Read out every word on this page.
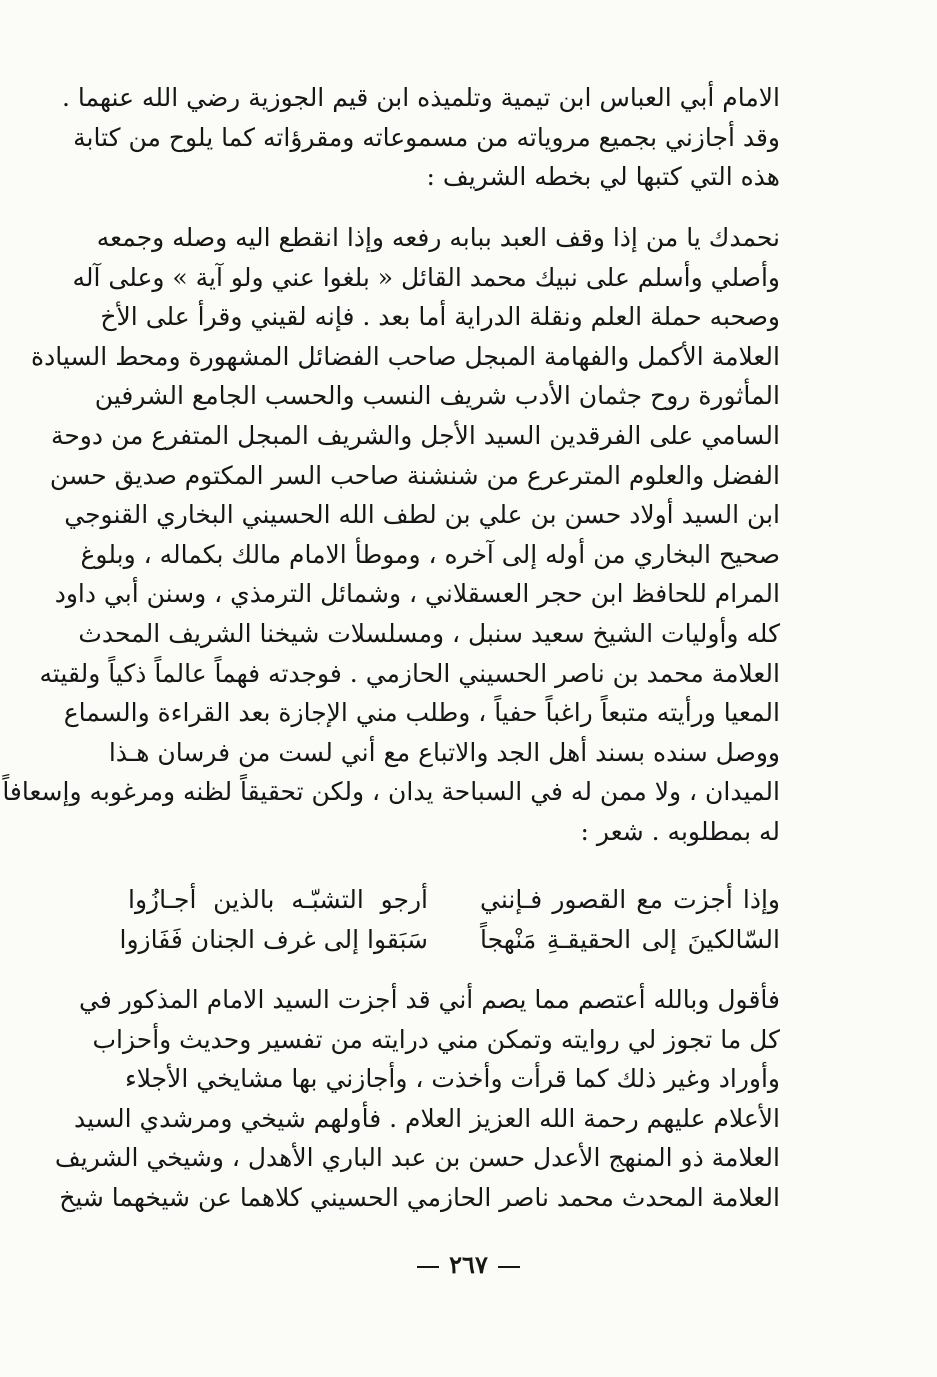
الامام أبي العباس ابن تيمية وتلميذه ابن قيم الجوزية رضي الله عنهما .
وقد أجازني بجميع مروياته من مسموعاته ومقرؤاته كما يلوح من كتابة
هذه التي كتبها لي بخطه الشريف :
نحمدك يا من إذا وقف العبد ببابه رفعه وإذا انقطع اليه وصله وجمعه
وأصلي وأسلم على نبيك محمد القائل « بلغوا عني ولو آية » وعلى آله
وصحبه حملة العلم ونقلة الدراية أما بعد . فإنه لقيني وقرأ على الأخ
العلامة الأكمل والفهامة المبجل صاحب الفضائل المشهورة ومحط السيادة
المأثورة روح جثمان الأدب شريف النسب والحسب الجامع الشرفين
السامي على الفرقدين السيد الأجل والشريف المبجل المتفرع من دوحة
الفضل والعلوم المترعرع من شنشنة صاحب السر المكتوم صديق حسن
ابن السيد أولاد حسن بن علي بن لطف الله الحسيني البخاري القنوجي
صحيح البخاري من أوله إلى آخره ، وموطأ الامام مالك بكماله ، وبلوغ
المرام للحافظ ابن حجر العسقلاني ، وشمائل الترمذي ، وسنن أبي داود
كله وأوليات الشيخ سعيد سنبل ، ومسلسلات شيخنا الشريف المحدث
العلامة محمد بن ناصر الحسيني الحازمي . فوجدته فهماً عالماً ذكياً ولقيته
المعيا ورأيته متبعاً راغباً حفياً ، وطلب مني الإجازة بعد القراءة والسماع
ووصل سنده بسند أهل الجد والاتباع مع أني لست من فرسان هـذا
الميدان ، ولا ممن له في السباحة يدان ، ولكن تحقيقاً لظنه ومرغوبه وإسعافاً
له بمطلوبه . شعر :
وإذا أجزت مع القصور فـإنني
أرجو التشبّـه بالذين أجـازُوا
السّالكينَ إلى الحقيقـةِ مَنْهجاً
سَبَقوا إلى غرف الجنان فَفَازوا
فأقول وبالله أعتصم مما يصم أني قد أجزت السيد الامام المذكور في
كل ما تجوز لي روايته وتمكن مني درايته من تفسير وحديث وأحزاب
وأوراد وغير ذلك كما قرأت وأخذت ، وأجازني بها مشايخي الأجلاء
الأعلام عليهم رحمة الله العزيز العلام . فأولهم شيخي ومرشدي السيد
العلامة ذو المنهج الأعدل حسن بن عبد الباري الأهدل ، وشيخي الشريف
العلامة المحدث محمد ناصر الحازمي الحسيني كلاهما عن شيخهما شيخ
٢٦٧
